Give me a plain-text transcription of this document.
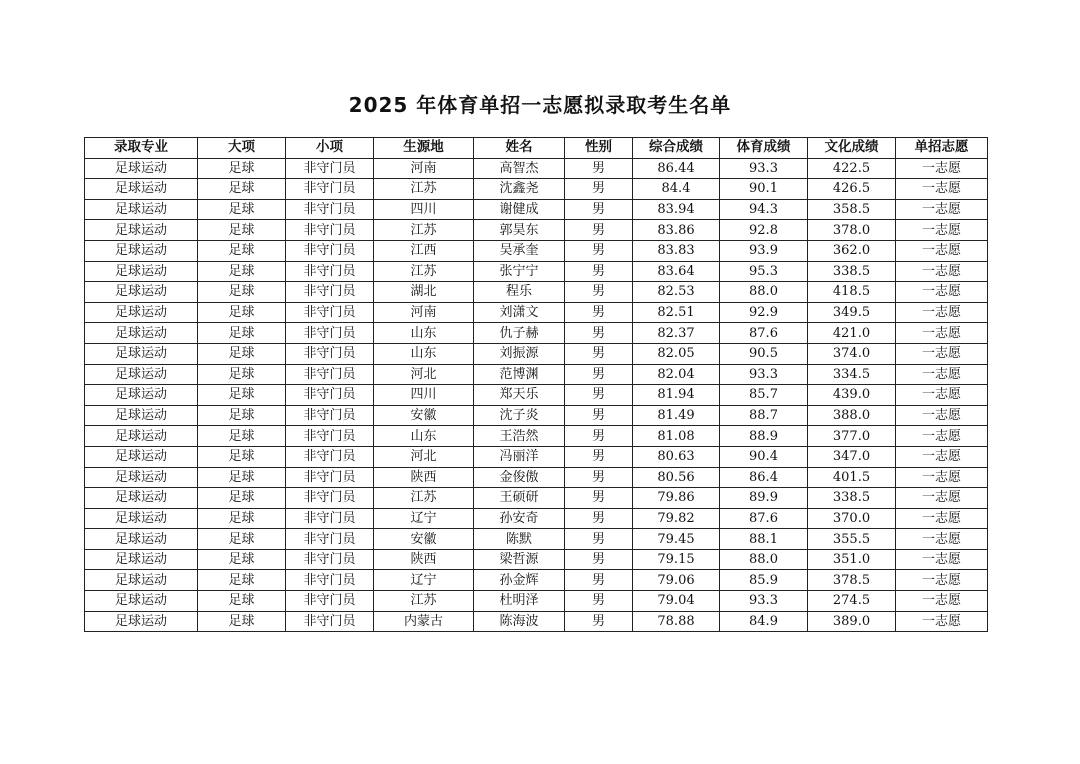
2025 年体育单招一志愿拟录取考生名单
录取专业	大项	小项	生源地	姓名	性别	综合成绩	体育成绩	文化成绩	单招志愿
足球运动	足球	非守门员	河南	高智杰	男	86.44	93.3	422.5	一志愿
足球运动	足球	非守门员	江苏	沈鑫尧	男	84.4	90.1	426.5	一志愿
足球运动	足球	非守门员	四川	谢健成	男	83.94	94.3	358.5	一志愿
足球运动	足球	非守门员	江苏	郭昊东	男	83.86	92.8	378.0	一志愿
足球运动	足球	非守门员	江西	吴承奎	男	83.83	93.9	362.0	一志愿
足球运动	足球	非守门员	江苏	张宁宁	男	83.64	95.3	338.5	一志愿
足球运动	足球	非守门员	湖北	程乐	男	82.53	88.0	418.5	一志愿
足球运动	足球	非守门员	河南	刘潇文	男	82.51	92.9	349.5	一志愿
足球运动	足球	非守门员	山东	仇子赫	男	82.37	87.6	421.0	一志愿
足球运动	足球	非守门员	山东	刘振源	男	82.05	90.5	374.0	一志愿
足球运动	足球	非守门员	河北	范博渊	男	82.04	93.3	334.5	一志愿
足球运动	足球	非守门员	四川	郑天乐	男	81.94	85.7	439.0	一志愿
足球运动	足球	非守门员	安徽	沈子炎	男	81.49	88.7	388.0	一志愿
足球运动	足球	非守门员	山东	王浩然	男	81.08	88.9	377.0	一志愿
足球运动	足球	非守门员	河北	冯丽洋	男	80.63	90.4	347.0	一志愿
足球运动	足球	非守门员	陕西	金俊傲	男	80.56	86.4	401.5	一志愿
足球运动	足球	非守门员	江苏	王硕研	男	79.86	89.9	338.5	一志愿
足球运动	足球	非守门员	辽宁	孙安奇	男	79.82	87.6	370.0	一志愿
足球运动	足球	非守门员	安徽	陈默	男	79.45	88.1	355.5	一志愿
足球运动	足球	非守门员	陕西	梁哲源	男	79.15	88.0	351.0	一志愿
足球运动	足球	非守门员	辽宁	孙金辉	男	79.06	85.9	378.5	一志愿
足球运动	足球	非守门员	江苏	杜明泽	男	79.04	93.3	274.5	一志愿
足球运动	足球	非守门员	内蒙古	陈海波	男	78.88	84.9	389.0	一志愿
